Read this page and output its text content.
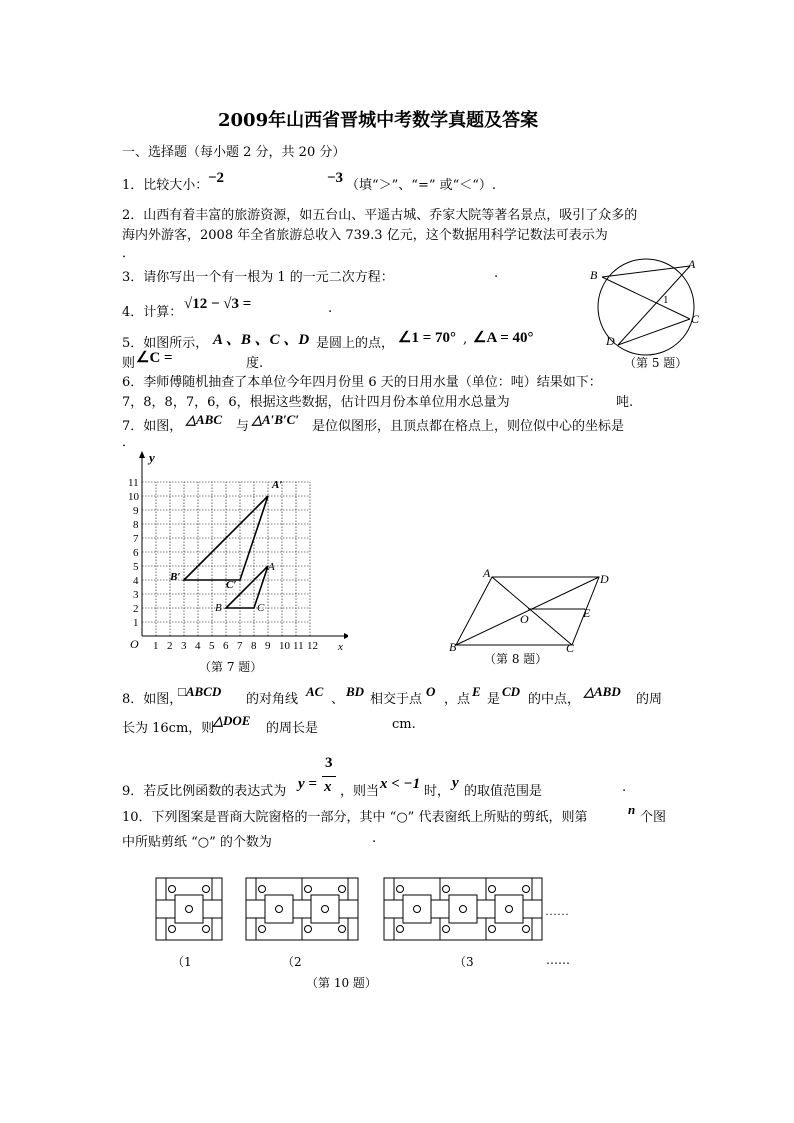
2009年山西省晋城中考数学真题及答案
一、选择题（每小题 2 分，共 20 分）
1．比较大小： −2	−3 （填“＞”、“=” 或“＜“）.
2．山西有着丰富的旅游资源，如五台山、平遥古城、乔家大院等著名景点，吸引了众多的
海内外游客，2008 年全省旅游总收入 739.3 亿元，这个数据用科学记数法可表示为
．
3．请你写出一个有一根为 1 的一元二次方程：	.
4．计算：
√12 − √3 =	.
5．如图所示， A 、B 、C 、D 是圆上的点， ∠1 = 70° , ∠A = 40°
则 ∠C =	度.
B
A
1
C
D
（第 5 题）
6．李师傅随机抽查了本单位今年四月份里 6 天的日用水量（单位：吨）结果如下：
7，8，8，7，6，6，根据这些数据，估计四月份本单位用水总量为	吨.
7．如图， △ABC 与 △A′B′C′ 是位似图形，且顶点都在格点上，则位似中心的坐标是
．
1 2 3 4 5 6 7 8 9 10 11 12
1
2
3
4
5
6
7
8
9
10
11
y
x
O
A′
B′
C′
A
B	C
（第 7 题）
A	D
E
O
B	C
（第 8 题）
8．如图，
□ABCD
的对角线
AC
、
BD
相交于点
O
，点
E
是
CD
的中点，
△ABD
的周
长为 16cm，则
△DOE
的周长是	cm.
9．若反比例函数的表达式为 y =
3
x ，则当 x < −1 时，
y
的取值范围是	.
10．下列图案是晋商大院窗格的一部分，其中 “○” 代表窗纸上所贴的剪纸，则第
n
个图
中所贴剪纸 “○” 的个数为	.
……
（1	（2	（3	……
（第 10 题）
